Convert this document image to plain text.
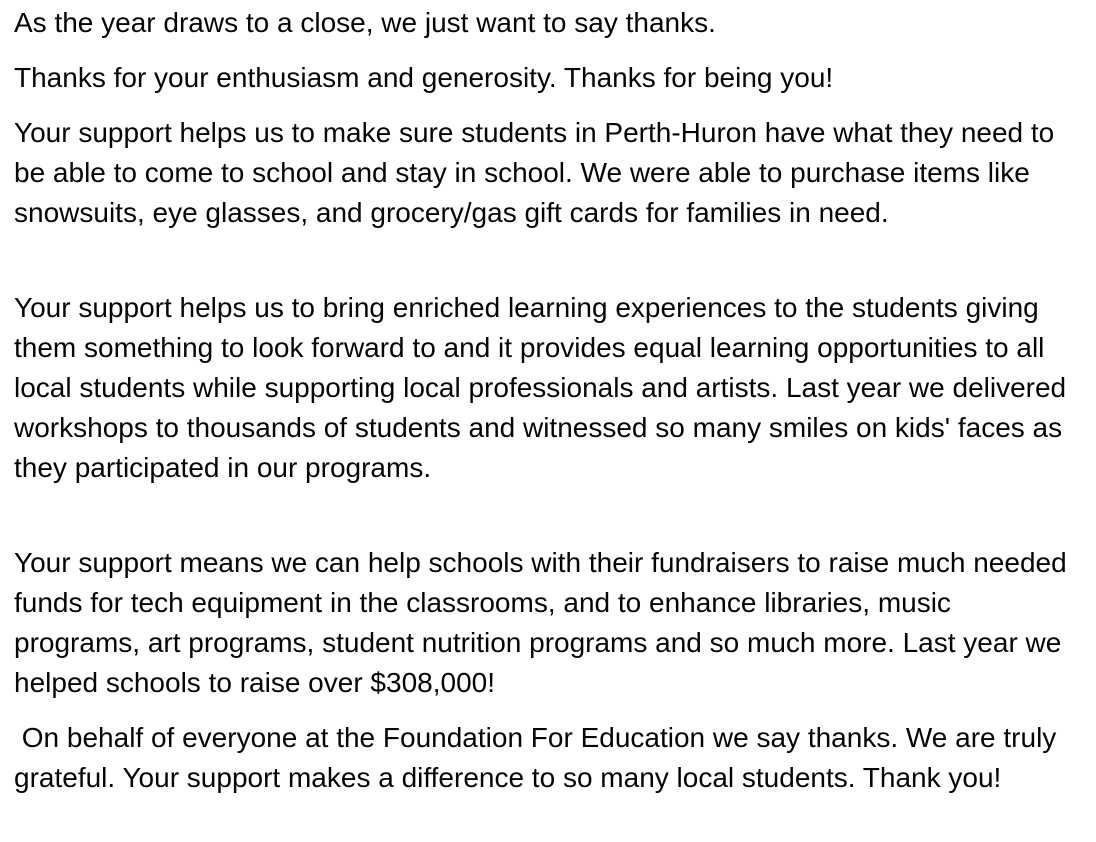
As the year draws to a close, we just want to say thanks.

Thanks for your enthusiasm and generosity. Thanks for being you!

Your support helps us to make sure students in Perth-Huron have what they need to be able to come to school and stay in school. We were able to purchase items like snowsuits, eye glasses, and grocery/gas gift cards for families in need.

Your support helps us to bring enriched learning experiences to the students giving them something to look forward to and it provides equal learning opportunities to all local students while supporting local professionals and artists. Last year we delivered workshops to thousands of students and witnessed so many smiles on kids' faces as they participated in our programs.

Your support means we can help schools with their fundraisers to raise much needed funds for tech equipment in the classrooms, and to enhance libraries, music programs, art programs, student nutrition programs and so much more. Last year we helped schools to raise over $308,000!

On behalf of everyone at the Foundation For Education we say thanks. We are truly grateful. Your support makes a difference to so many local students. Thank you!
